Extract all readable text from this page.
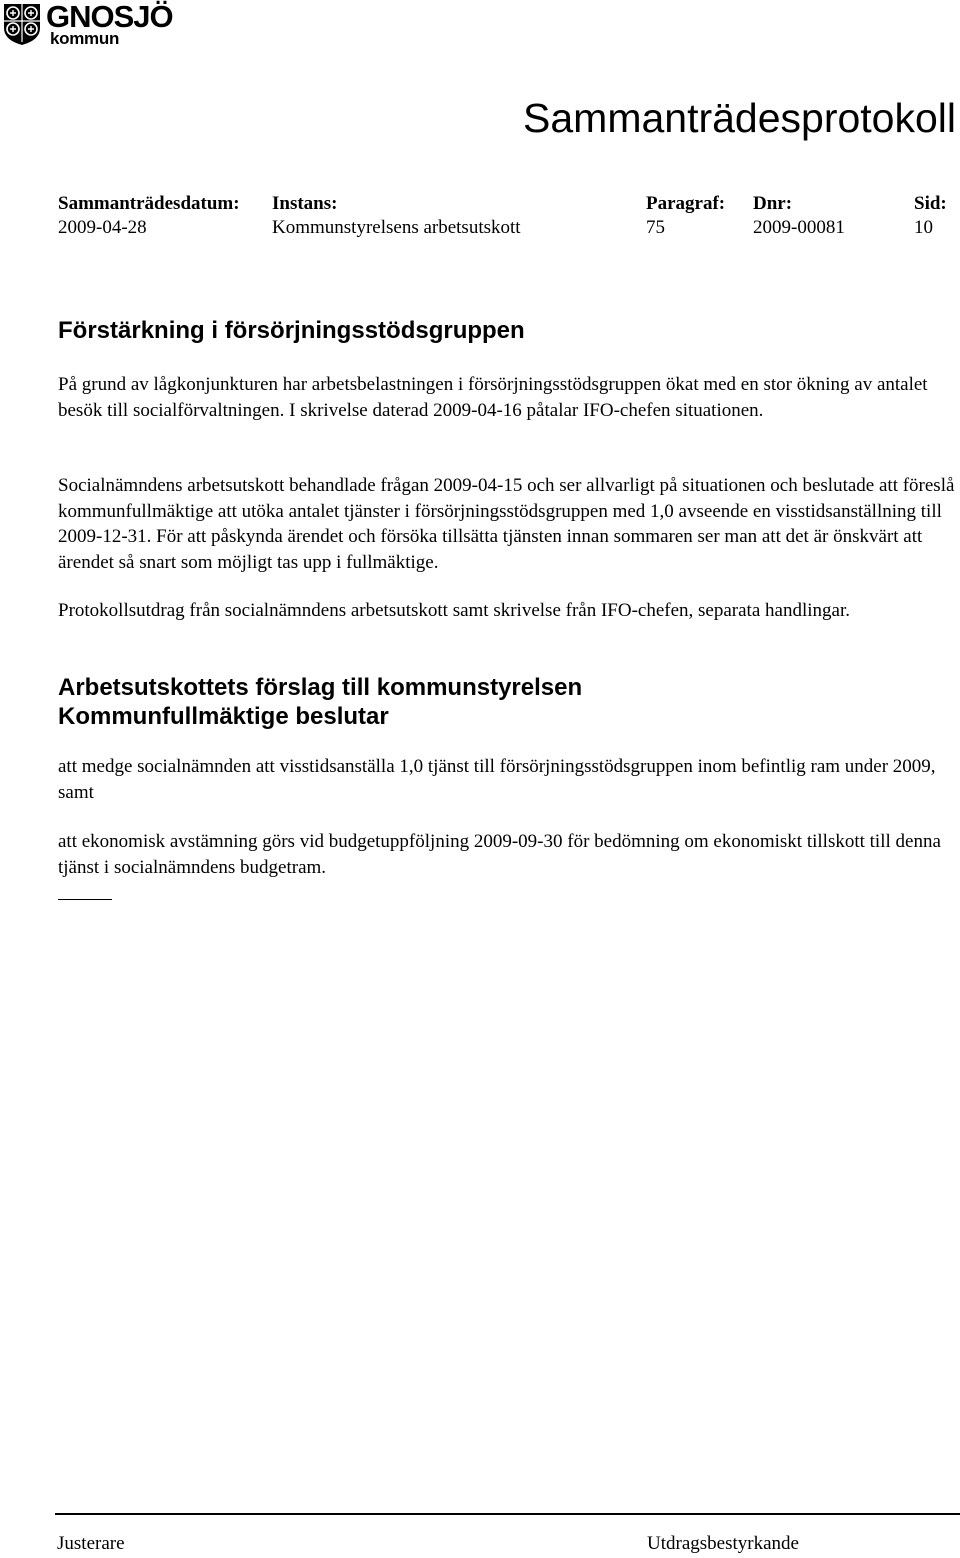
GNOSJÖ
kommun
Sammanträdesprotokoll
Sammanträdesdatum:
2009-04-28
Instans:
Kommunstyrelsens arbetsutskott
Paragraf:
75
Dnr:
2009-00081
Sid:
10
Förstärkning i försörjningsstödsgruppen

På grund av lågkonjunkturen har arbetsbelastningen i försörjningsstödsgruppen ökat med en stor ökning av antalet besök till socialförvaltningen. I skrivelse daterad 2009-04-16 påtalar IFO-chefen situationen.

Socialnämndens arbetsutskott behandlade frågan 2009-04-15 och ser allvarligt på situationen och beslutade att föreslå kommunfullmäktige att utöka antalet tjänster i försörjningsstödsgruppen med 1,0 avseende en visstidsanställning till 2009-12-31. För att påskynda ärendet och försöka tillsätta tjänsten innan sommaren ser man att det är önskvärt att ärendet så snart som möjligt tas upp i fullmäktige.

Protokollsutdrag från socialnämndens arbetsutskott samt skrivelse från IFO-chefen, separata handlingar.

Arbetsutskottets förslag till kommunstyrelsen
Kommunfullmäktige beslutar

att medge socialnämnden att visstidsanställa 1,0 tjänst till försörjningsstödsgruppen inom befintlig ram under 2009, samt

att ekonomisk avstämning görs vid budgetuppföljning 2009-09-30 för bedömning om ekonomiskt tillskott till denna tjänst i socialnämndens budgetram.

Justerare	Utdragsbestyrkande
